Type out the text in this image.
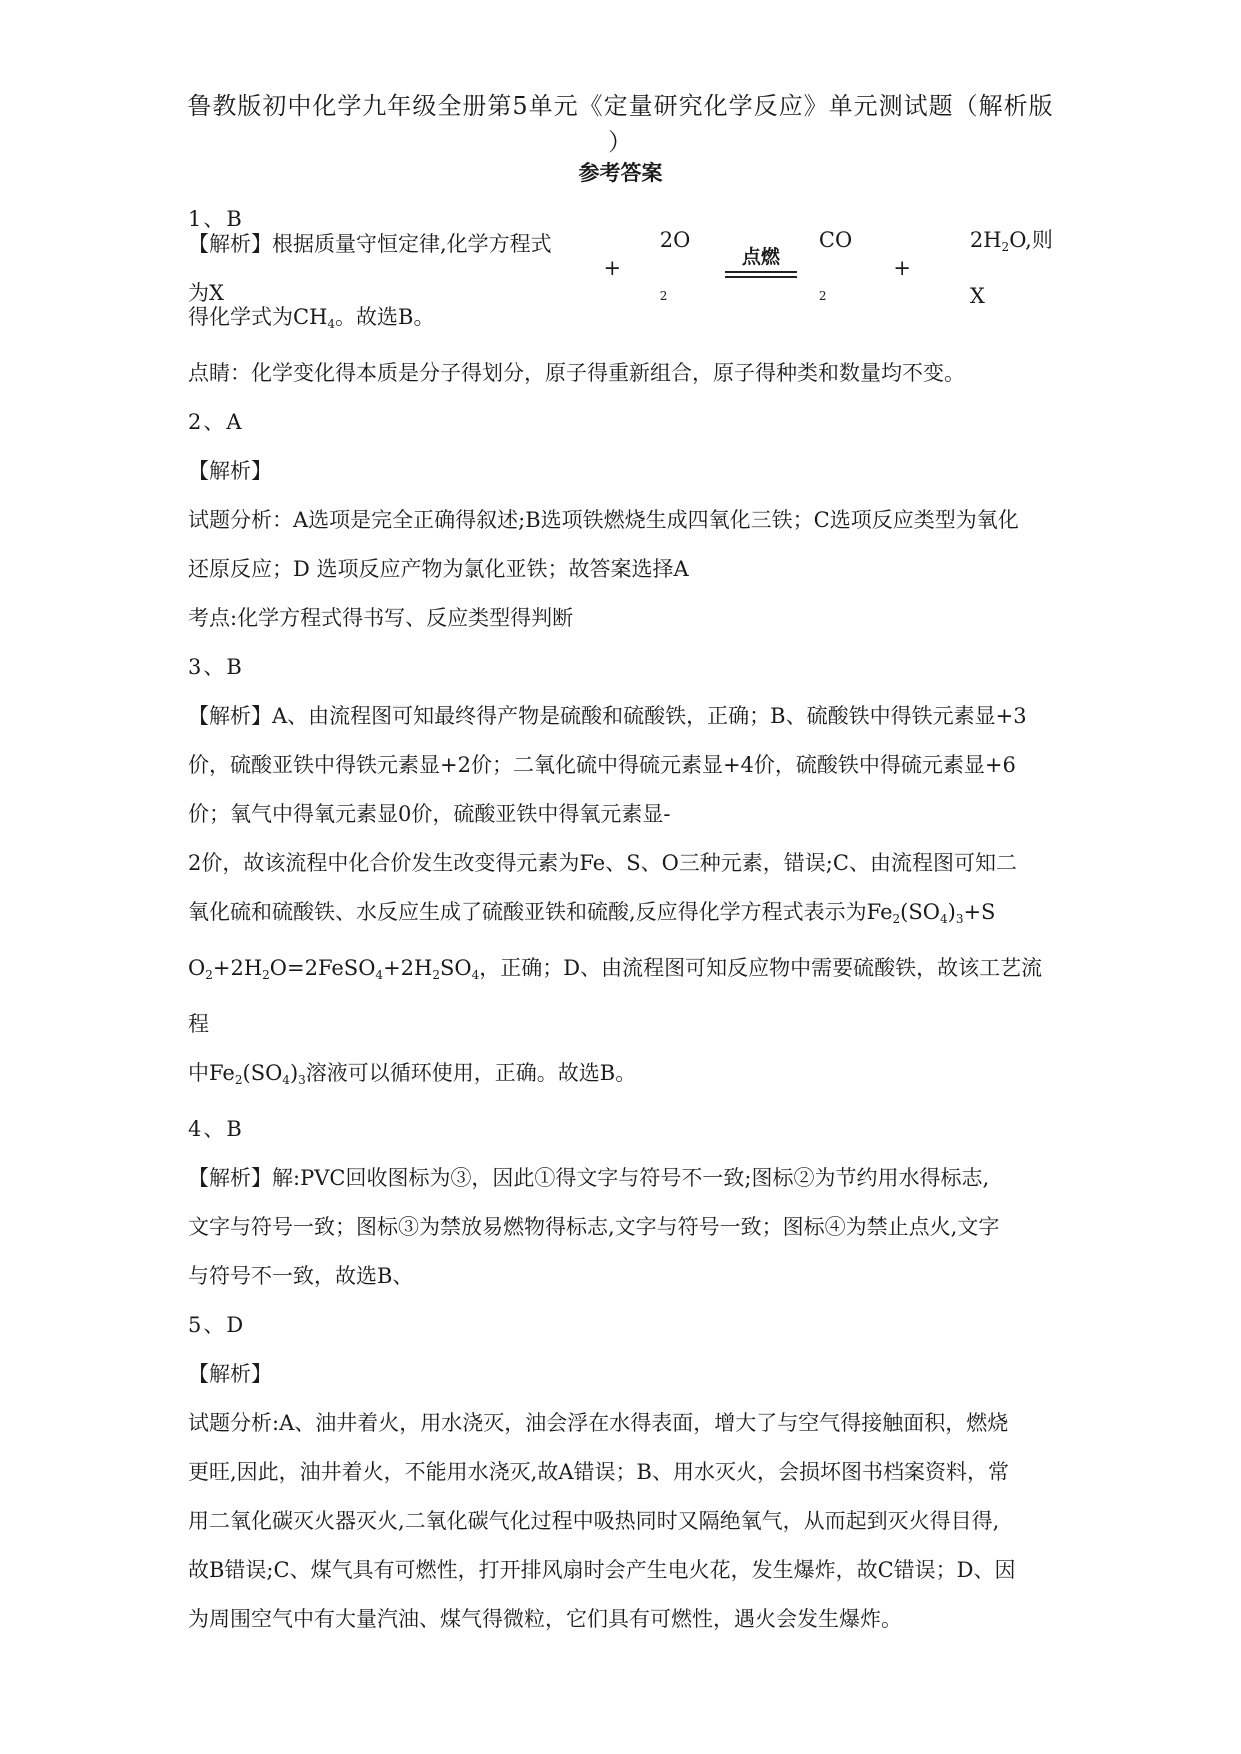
鲁教版初中化学九年级全册第5单元《定量研究化学反应》单元测试题（解析版
）
参考答案

1、B

【解析】根据质量守恒定律,化学方程式为X
+
$2O_2$
点燃
$CO_2$
+
$2H_2O$,则X

得化学式为$CH_4$。故选B。

点睛：化学变化得本质是分子得划分，原子得重新组合，原子得种类和数量均不变。

2、A

【解析】

试题分析：A选项是完全正确得叙述;B选项铁燃烧生成四氧化三铁；C选项反应类型为氧化

还原反应；D 选项反应产物为氯化亚铁；故答案选择A

考点:化学方程式得书写、反应类型得判断

3、B

【解析】A、由流程图可知最终得产物是硫酸和硫酸铁，正确；B、硫酸铁中得铁元素显+3

价，硫酸亚铁中得铁元素显+2价；二氧化硫中得硫元素显+4价，硫酸铁中得硫元素显+6

价；氧气中得氧元素显0价，硫酸亚铁中得氧元素显-

2价，故该流程中化合价发生改变得元素为Fe、S、O三种元素，错误;C、由流程图可知二

氧化硫和硫酸铁、水反应生成了硫酸亚铁和硫酸,反应得化学方程式表示为$Fe_2(SO_4)_3+S$

$O_2+2H_2O=2FeSO_4+2H_2SO_4$，正确；D、由流程图可知反应物中需要硫酸铁，故该工艺流程

中$Fe_2(SO_4)_3$溶液可以循环使用，正确。故选B。

4、B

【解析】解:PVC回收图标为③，因此①得文字与符号不一致;图标②为节约用水得标志,

文字与符号一致；图标③为禁放易燃物得标志,文字与符号一致；图标④为禁止点火,文字

与符号不一致，故选B、

5、D

【解析】

试题分析:A、油井着火，用水浇灭，油会浮在水得表面，增大了与空气得接触面积，燃烧

更旺,因此，油井着火，不能用水浇灭,故A错误；B、用水灭火，会损坏图书档案资料，常

用二氧化碳灭火器灭火,二氧化碳气化过程中吸热同时又隔绝氧气，从而起到灭火得目得,

故B错误;C、煤气具有可燃性，打开排风扇时会产生电火花，发生爆炸，故C错误；D、因

为周围空气中有大量汽油、煤气得微粒，它们具有可燃性，遇火会发生爆炸。
